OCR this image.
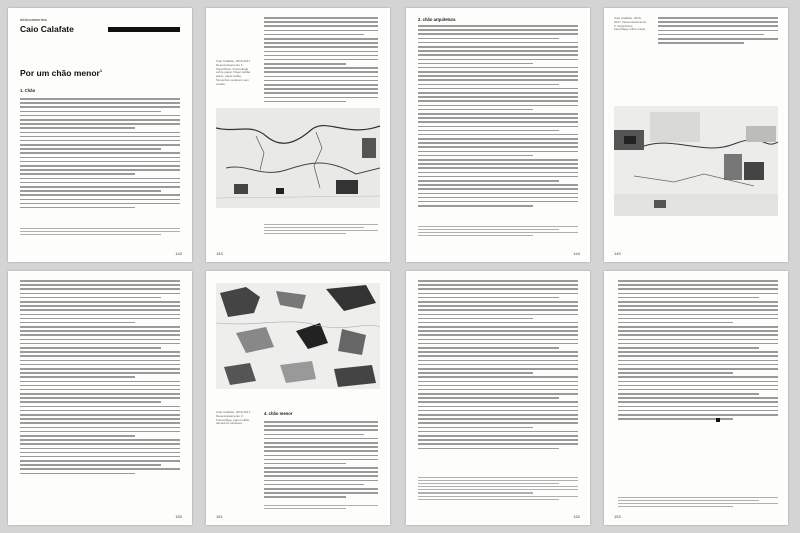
deslocamentos
Caio Calafate
Por um chão menor$^1$
1. Chão
142
Caio Calafate, 2016-2017. Desencaixamento 1: Superfícies. Fotocollage sobre papel. Papel cartão plano, papel sulfite. Tamanhos variáveis sem escala.
143
2. chão arquitetura
144
Caio Calafate, 2016-2017. Desencaixamento 2: Superfícies, fotocollage sobre papel.
145
150
Caio Calafate, 2016-2017. Desencaixamento 3. Fotocollage, papel sulfite, tamanhos variáveis.
4. chão menor
151	152	153
